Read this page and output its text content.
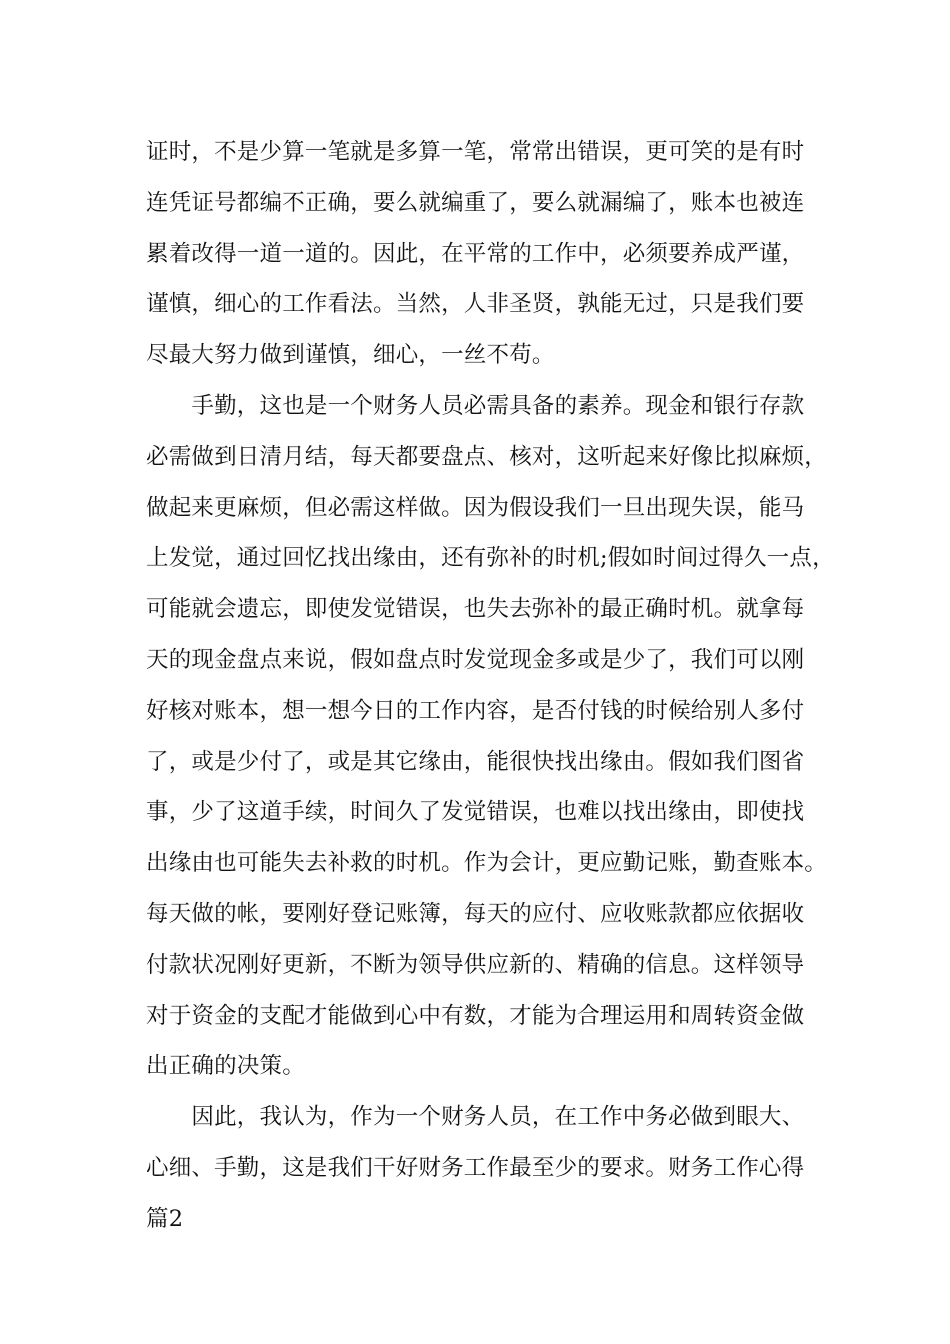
证时，不是少算一笔就是多算一笔，常常出错误，更可笑的是有时
连凭证号都编不正确，要么就编重了，要么就漏编了，账本也被连
累着改得一道一道的。因此，在平常的工作中，必须要养成严谨，
谨慎，细心的工作看法。当然，人非圣贤，孰能无过，只是我们要
尽最大努力做到谨慎，细心，一丝不苟。
　　手勤，这也是一个财务人员必需具备的素养。现金和银行存款
必需做到日清月结，每天都要盘点、核对，这听起来好像比拟麻烦，
做起来更麻烦，但必需这样做。因为假设我们一旦出现失误，能马
上发觉，通过回忆找出缘由，还有弥补的时机;假如时间过得久一点，
可能就会遗忘，即使发觉错误，也失去弥补的最正确时机。就拿每
天的现金盘点来说，假如盘点时发觉现金多或是少了，我们可以刚
好核对账本，想一想今日的工作内容，是否付钱的时候给别人多付
了，或是少付了，或是其它缘由，能很快找出缘由。假如我们图省
事，少了这道手续，时间久了发觉错误，也难以找出缘由，即使找
出缘由也可能失去补救的时机。作为会计，更应勤记账，勤查账本。
每天做的帐，要刚好登记账簿，每天的应付、应收账款都应依据收
付款状况刚好更新，不断为领导供应新的、精确的信息。这样领导
对于资金的支配才能做到心中有数，才能为合理运用和周转资金做
出正确的决策。
　　因此，我认为，作为一个财务人员，在工作中务必做到眼大、
心细、手勤，这是我们干好财务工作最至少的要求。财务工作心得
篇2
